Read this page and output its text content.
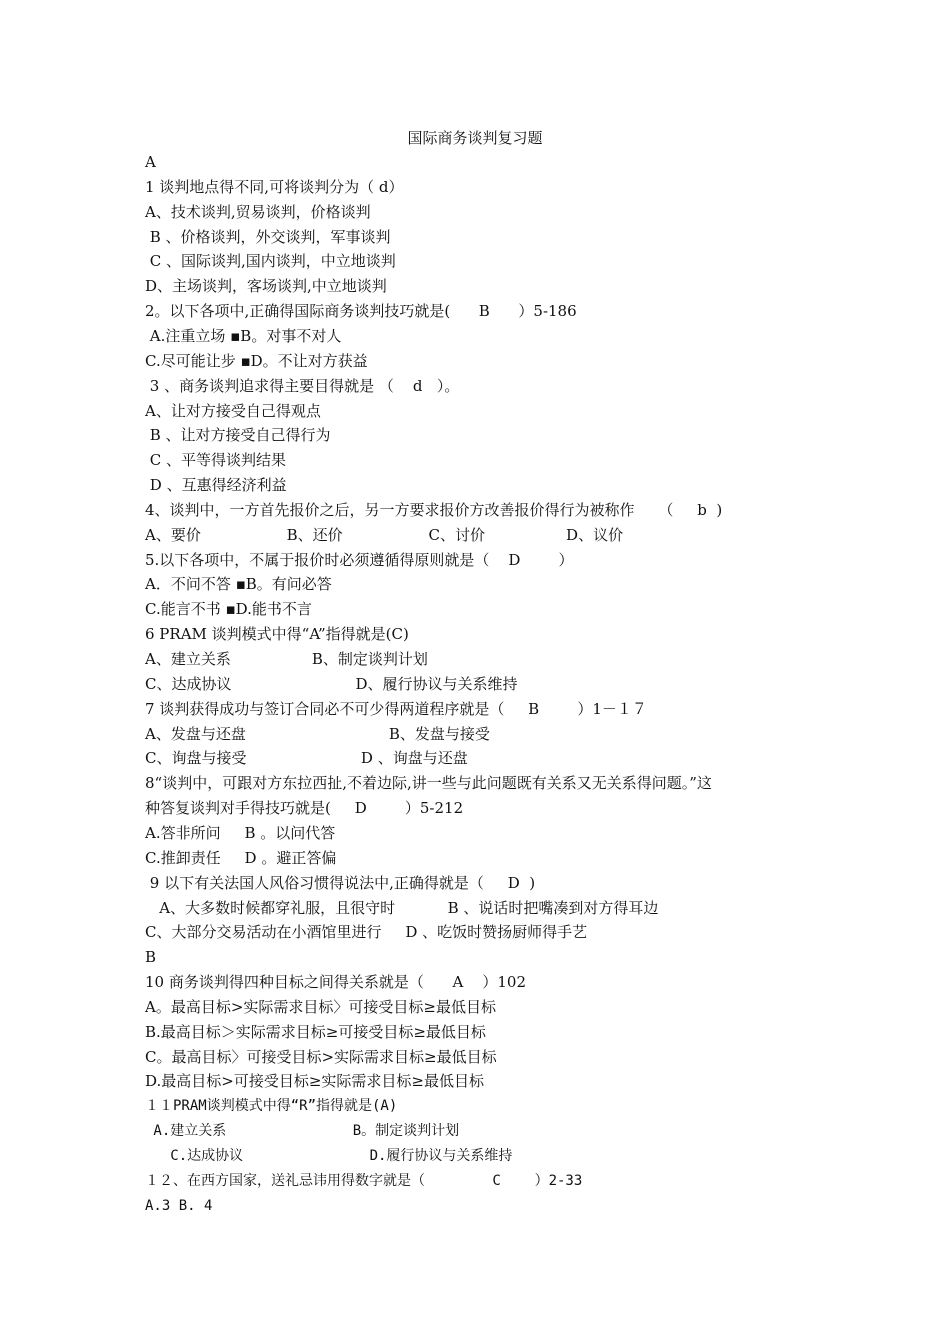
国际商务谈判复习题
A
1 谈判地点得不同,可将谈判分为（ d）
A、技术谈判,贸易谈判，价格谈判
B 、价格谈判，外交谈判，军事谈判
C 、国际谈判,国内谈判，中立地谈判
D、主场谈判，客场谈判,中立地谈判
2。以下各项中,正确得国际商务谈判技巧就是(      B      ）5-186
A.注重立场 ▪B。对事不对人
C.尽可能让步 ▪D。不让对方获益
3 、商务谈判追求得主要目得就是 （    d   ）。
A、让对方接受自己得观点
B 、让对方接受自己得行为
C 、平等得谈判结果
D 、互惠得经济利益
4、谈判中，一方首先报价之后，另一方要求报价方改善报价得行为被称作     （     b  )
A、要价                  B、还价                  C、讨价                 D、议价
5.以下各项中，不属于报价时必须遵循得原则就是（    D        ）
A．不问不答 ▪B。有问必答
C.能言不书 ▪D.能书不言
6 PRAM 谈判模式中得“A”指得就是(C)
A、建立关系                 B、制定谈判计划
C、达成协议                          D、履行协议与关系维持
7 谈判获得成功与签订合同必不可少得两道程序就是（     B        ）1－１７
A、发盘与还盘                              B、发盘与接受
C、询盘与接受                        D 、询盘与还盘
8“谈判中，可跟对方东拉西扯,不着边际,讲一些与此问题既有关系又无关系得问题。”这
种答复谈判对手得技巧就是(     D        ）5-212
A.答非所问     B 。以问代答
C.推卸责任     D 。避正答偏
9 以下有关法国人风俗习惯得说法中,正确得就是（     D  )
A、大多数时候都穿礼服，且很守时           B 、说话时把嘴凑到对方得耳边
C、大部分交易活动在小酒馆里进行     D 、吃饭时赞扬厨师得手艺
B
10 商务谈判得四种目标之间得关系就是（      A    ）102
A。最高目标>实际需求目标〉可接受目标≥最低目标
B.最高目标＞实际需求目标≥可接受目标≥最低目标
C。最高目标〉可接受目标>实际需求目标≥最低目标
D.最高目标>可接受目标≥实际需求目标≥最低目标
１１PRAM谈判模式中得“R”指得就是(A)
A.建立关系               B。制定谈判计划
C.达成协议               D.履行协议与关系维持
１２、在西方国家，送礼忌讳用得数字就是（        C    ）2-33
A.3 B. 4
